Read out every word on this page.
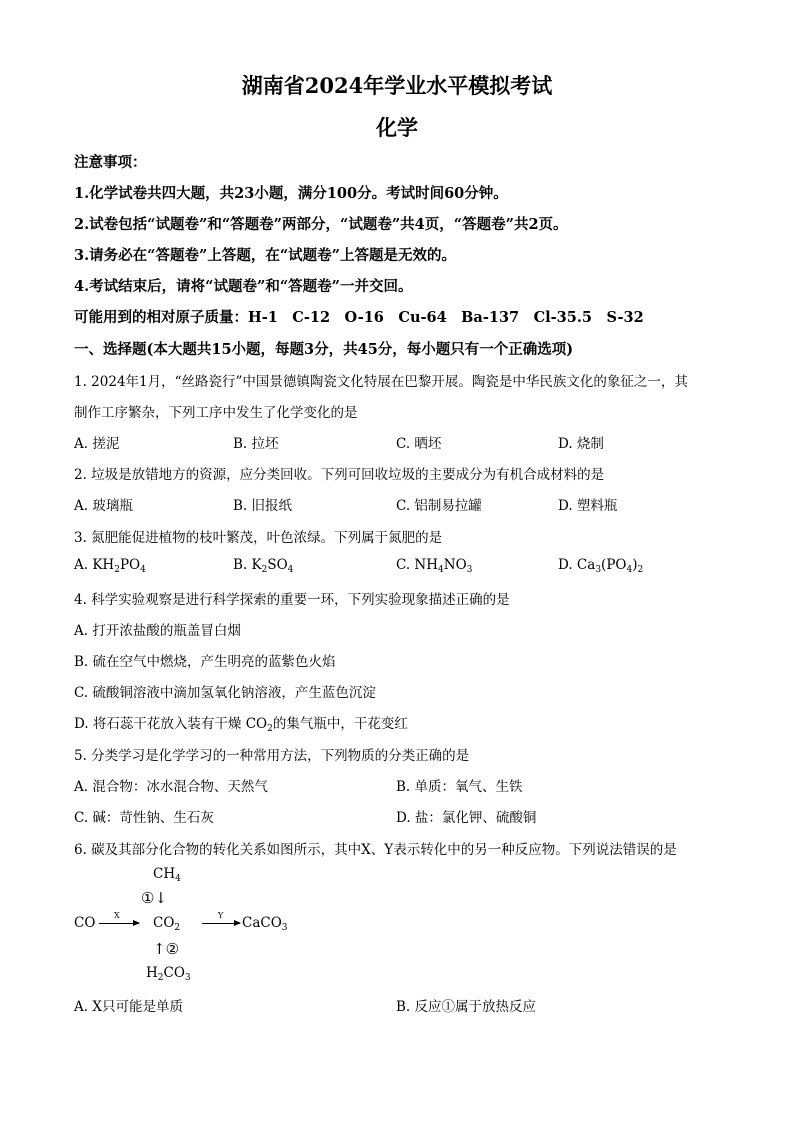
湖南省2024年学业水平模拟考试
化学
注意事项：
1.化学试卷共四大题，共23小题，满分100分。考试时间60分钟。
2.试卷包括“试题卷”和“答题卷”两部分，“试题卷”共4页，“答题卷”共2页。
3.请务必在“答题卷”上答题，在“试题卷”上答题是无效的。
4.考试结束后，请将“试题卷”和“答题卷”一并交回。
可能用到的相对原子质量：H-1　C-12　O-16　Cu-64　Ba-137　Cl-35.5　S-32
一、选择题(本大题共15小题，每题3分，共45分，每小题只有一个正确选项)
1. 2024年1月，“丝路瓷行”中国景德镇陶瓷文化特展在巴黎开展。陶瓷是中华民族文化的象征之一，其
制作工序繁杂，下列工序中发生了化学变化的是
A. 搓泥	B. 拉坯	C. 晒坯	D. 烧制
2. 垃圾是放错地方的资源，应分类回收。下列可回收垃圾的主要成分为有机合成材料的是
A. 玻璃瓶	B. 旧报纸	C. 铝制易拉罐	D. 塑料瓶
3. 氮肥能促进植物的枝叶繁茂，叶色浓绿。下列属于氮肥的是
A. $KH_2PO_4$	B. $K_2SO_4$	C. $NH_4NO_3$	D. $Ca_3(PO_4)_2$
4. 科学实验观察是进行科学探索的重要一环，下列实验现象描述正确的是
A. 打开浓盐酸的瓶盖冒白烟
B. 硫在空气中燃烧，产生明亮的蓝紫色火焰
C. 硫酸铜溶液中滴加氢氧化钠溶液，产生蓝色沉淀
D. 将石蕊干花放入装有干燥 $CO_2$的集气瓶中，干花变红
5. 分类学习是化学学习的一种常用方法，下列物质的分类正确的是
A. 混合物：冰水混合物、天然气	B. 单质：氧气、生铁
C. 碱：苛性钠、生石灰	D. 盐：氯化钾、硫酸铜
6. 碳及其部分化合物的转化关系如图所示，其中X、Y表示转化中的另一种反应物。下列说法错误的是
$CH_4$
①↓
CO X $CO_2$
Y CaCO$_3$
↑②
$H_2CO_3$
A. X只可能是单质	B. 反应①属于放热反应
